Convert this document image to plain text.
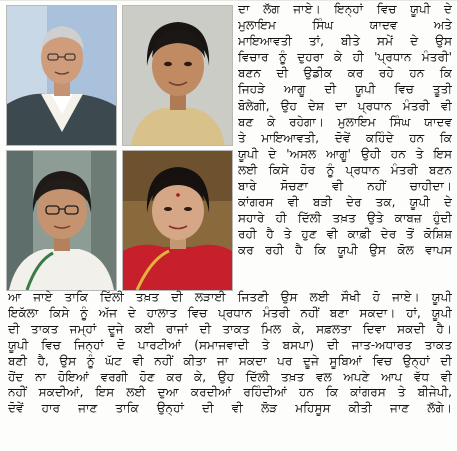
ਦਾ ਲੱਗ ਜਾਏ। ਇਨ੍ਹਾਂ ਵਿਚ ਯੂਪੀ ਦੇ
ਮੁਲਾਇਮ ਸਿੰਘ ਯਾਦਵ ਅਤੇ
ਮਾਇਆਵਤੀ ਤਾਂ, ਬੀਤੇ ਸਮੇਂ ਦੇ ਉਸ
ਵਿਚਾਰ ਨੂੰ ਦੁਹਰਾ ਕੇ ਹੀ 'ਪ੍ਰਧਾਨ ਮੰਤਰੀ'
ਬਣਨ ਦੀ ਉਡੀਕ ਕਰ ਰਹੇ ਹਨ ਕਿ
ਜਿਹੜੇ ਆਗੂ ਦੀ ਯੂਪੀ ਵਿਚ ਤੂਤੀ
ਬੋਲੇਗੀ, ਉਹ ਦੇਸ਼ ਦਾ ਪ੍ਰਧਾਨ ਮੰਤਰੀ ਵੀ
ਬਣ ਕੇ ਰਹੇਗਾ। ਮੁਲਾਇਮ ਸਿੰਘ ਯਾਦਵ
ਤੇ ਮਾਇਆਵਤੀ, ਦੋਵੇਂ ਕਹਿੰਦੇ ਹਨ ਕਿ
ਯੂਪੀ ਦੇ 'ਅਸਲ ਆਗੂ' ਉਹੀ ਹਨ ਤੇ ਇਸ
ਲਈ ਕਿਸੇ ਹੋਰ ਨੂੰ ਪ੍ਰਧਾਨ ਮੰਤਰੀ ਬਣਨ
ਬਾਰੇ ਸੋਚਣਾ ਵੀ ਨਹੀਂ ਚਾਹੀਦਾ।
ਕਾਂਗਰਸ ਵੀ ਬੜੀ ਦੇਰ ਤਕ, ਯੂਪੀ ਦੇ
ਸਹਾਰੇ ਹੀ ਦਿੱਲੀ ਤਖ਼ਤ ਉਤੇ ਕਾਬਜ਼ ਹੁੰਦੀ
ਰਹੀ ਹੈ ਤੇ ਹੁਣ ਵੀ ਕਾਫ਼ੀ ਦੇਰ ਤੋਂ ਕੋਸ਼ਿਸ਼
ਕਰ ਰਹੀ ਹੈ ਕਿ ਯੂਪੀ ਉਸ ਕੋਲ ਵਾਪਸ
ਆ ਜਾਏ ਤਾਕਿ ਦਿੱਲੀ ਤਖ਼ਤ ਦੀ ਲੜਾਈ ਜਿਤਣੀ ਉਸ ਲਈ ਸੌਖੀ ਹੋ ਜਾਏ। ਯੂਪੀ
ਇਕੱਲਾ ਕਿਸੇ ਨੂੰ ਅੱਜ ਦੇ ਹਾਲਾਤ ਵਿਚ ਪ੍ਰਧਾਨ ਮੰਤਰੀ ਨਹੀਂ ਬਣਾ ਸਕਦਾ। ਹਾਂ, ਯੂਪੀ
ਦੀ ਤਾਕਤ ਜਮ੍ਹਾਂ ਦੂਜੇ ਕਈ ਰਾਜਾਂ ਦੀ ਤਾਕਤ ਮਿਲ ਕੇ, ਸਫ਼ਲਤਾ ਦਿਵਾ ਸਕਦੀ ਹੈ।
ਯੂਪੀ ਵਿਚ ਜਿਨ੍ਹਾਂ ਦੋ ਪਾਰਟੀਆਂ (ਸਮਾਜਵਾਦੀ ਤੇ ਬਸਪਾ) ਦੀ ਜਾਤ-ਅਧਾਰਤ ਤਾਕਤ
ਬਣੀ ਹੈ, ਉਸ ਨੂੰ ਘੱਟ ਵੀ ਨਹੀਂ ਕੀਤਾ ਜਾ ਸਕਦਾ ਪਰ ਦੂਜੇ ਸੂਬਿਆਂ ਵਿਚ ਉਨ੍ਹਾਂ ਦੀ
ਹੋਂਦ ਨਾ ਹੋਇਆਂ ਵਰਗੀ ਹੋਣ ਕਰ ਕੇ, ਉਹ ਦਿੱਲੀ ਤਖ਼ਤ ਵਲ ਅਪਣੇ ਆਪ ਵੱਧ ਵੀ
ਨਹੀਂ ਸਕਦੀਆਂ, ਇਸ ਲਈ ਦੁਆ ਕਰਦੀਆਂ ਰਹਿੰਦੀਆਂ ਹਨ ਕਿ ਕਾਂਗਰਸ ਤੇ ਬੀਜੇਪੀ,
ਦੋਵੇਂ ਹਾਰ ਜਾਣ ਤਾਕਿ ਉਨ੍ਹਾਂ ਦੀ ਵੀ ਲੋੜ ਮਹਿਸੂਸ ਕੀਤੀ ਜਾਣ ਲੱਗੇ।
